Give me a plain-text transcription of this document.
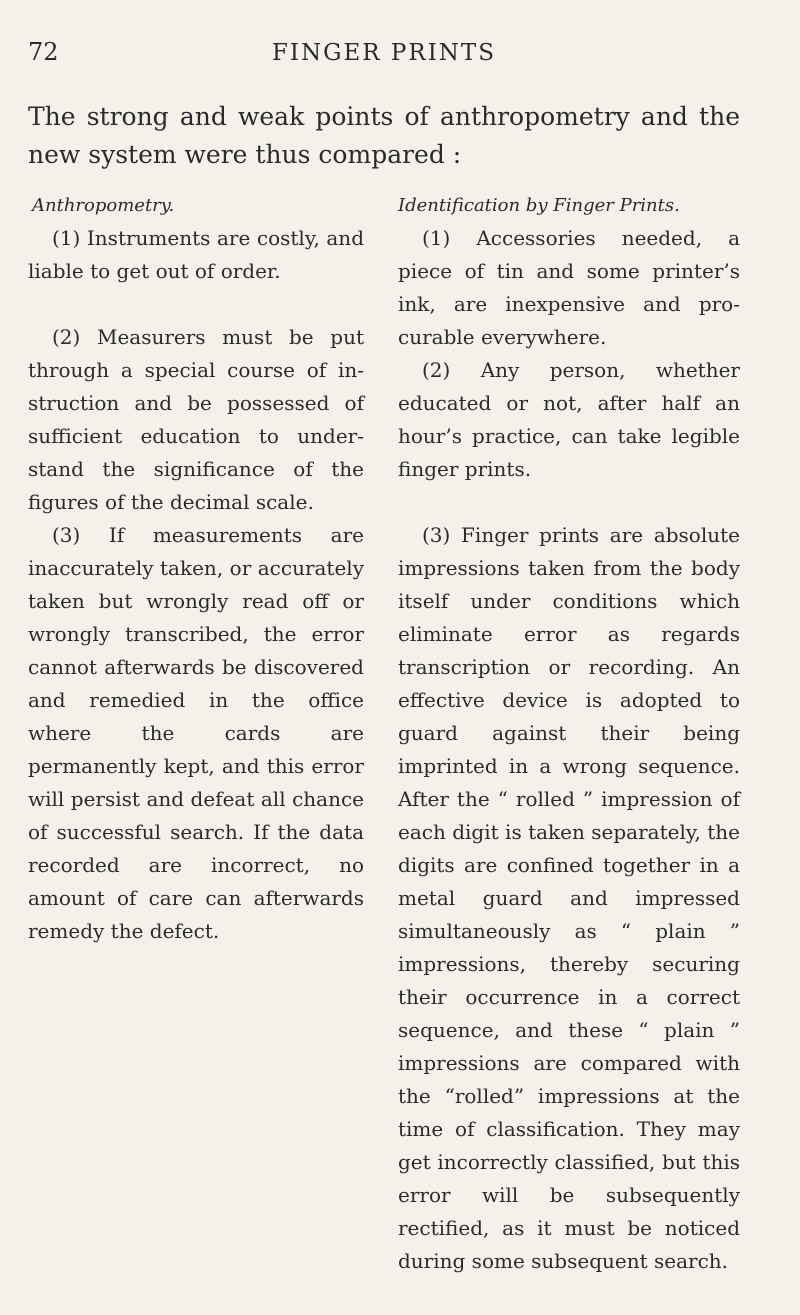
72	FINGER PRINTS

The strong and weak points of anthropometry and the new system were thus compared :

Anthropometry.

(1) Instruments are costly, and liable to get out of order.

(2) Measurers must be put through a special course of instruction and be possessed of sufficient education to understand the significance of the figures of the decimal scale.

(3) If measurements are inaccurately taken, or accurately taken but wrongly read off or wrongly transcribed, the error cannot afterwards be discovered and remedied in the office where the cards are permanently kept, and this error will persist and defeat all chance of successful search. If the data recorded are incorrect, no amount of care can afterwards remedy the defect.

Identification by Finger Prints.

(1) Accessories needed, a piece of tin and some printer’s ink, are inexpensive and procurable everywhere.

(2) Any person, whether educated or not, after half an hour’s practice, can take legible finger prints.

(3) Finger prints are absolute impressions taken from the body itself under conditions which eliminate error as regards transcription or recording. An effective device is adopted to guard against their being imprinted in a wrong sequence. After the “ rolled ” impression of each digit is taken separately, the digits are confined together in a metal guard and impressed simultaneously as “ plain ” impressions, thereby securing their occurrence in a correct sequence, and these “ plain ” impressions are compared with the “rolled” impressions at the time of classification. They may get incorrectly classified, but this error will be subsequently rectified, as it must be noticed during some subsequent search.
